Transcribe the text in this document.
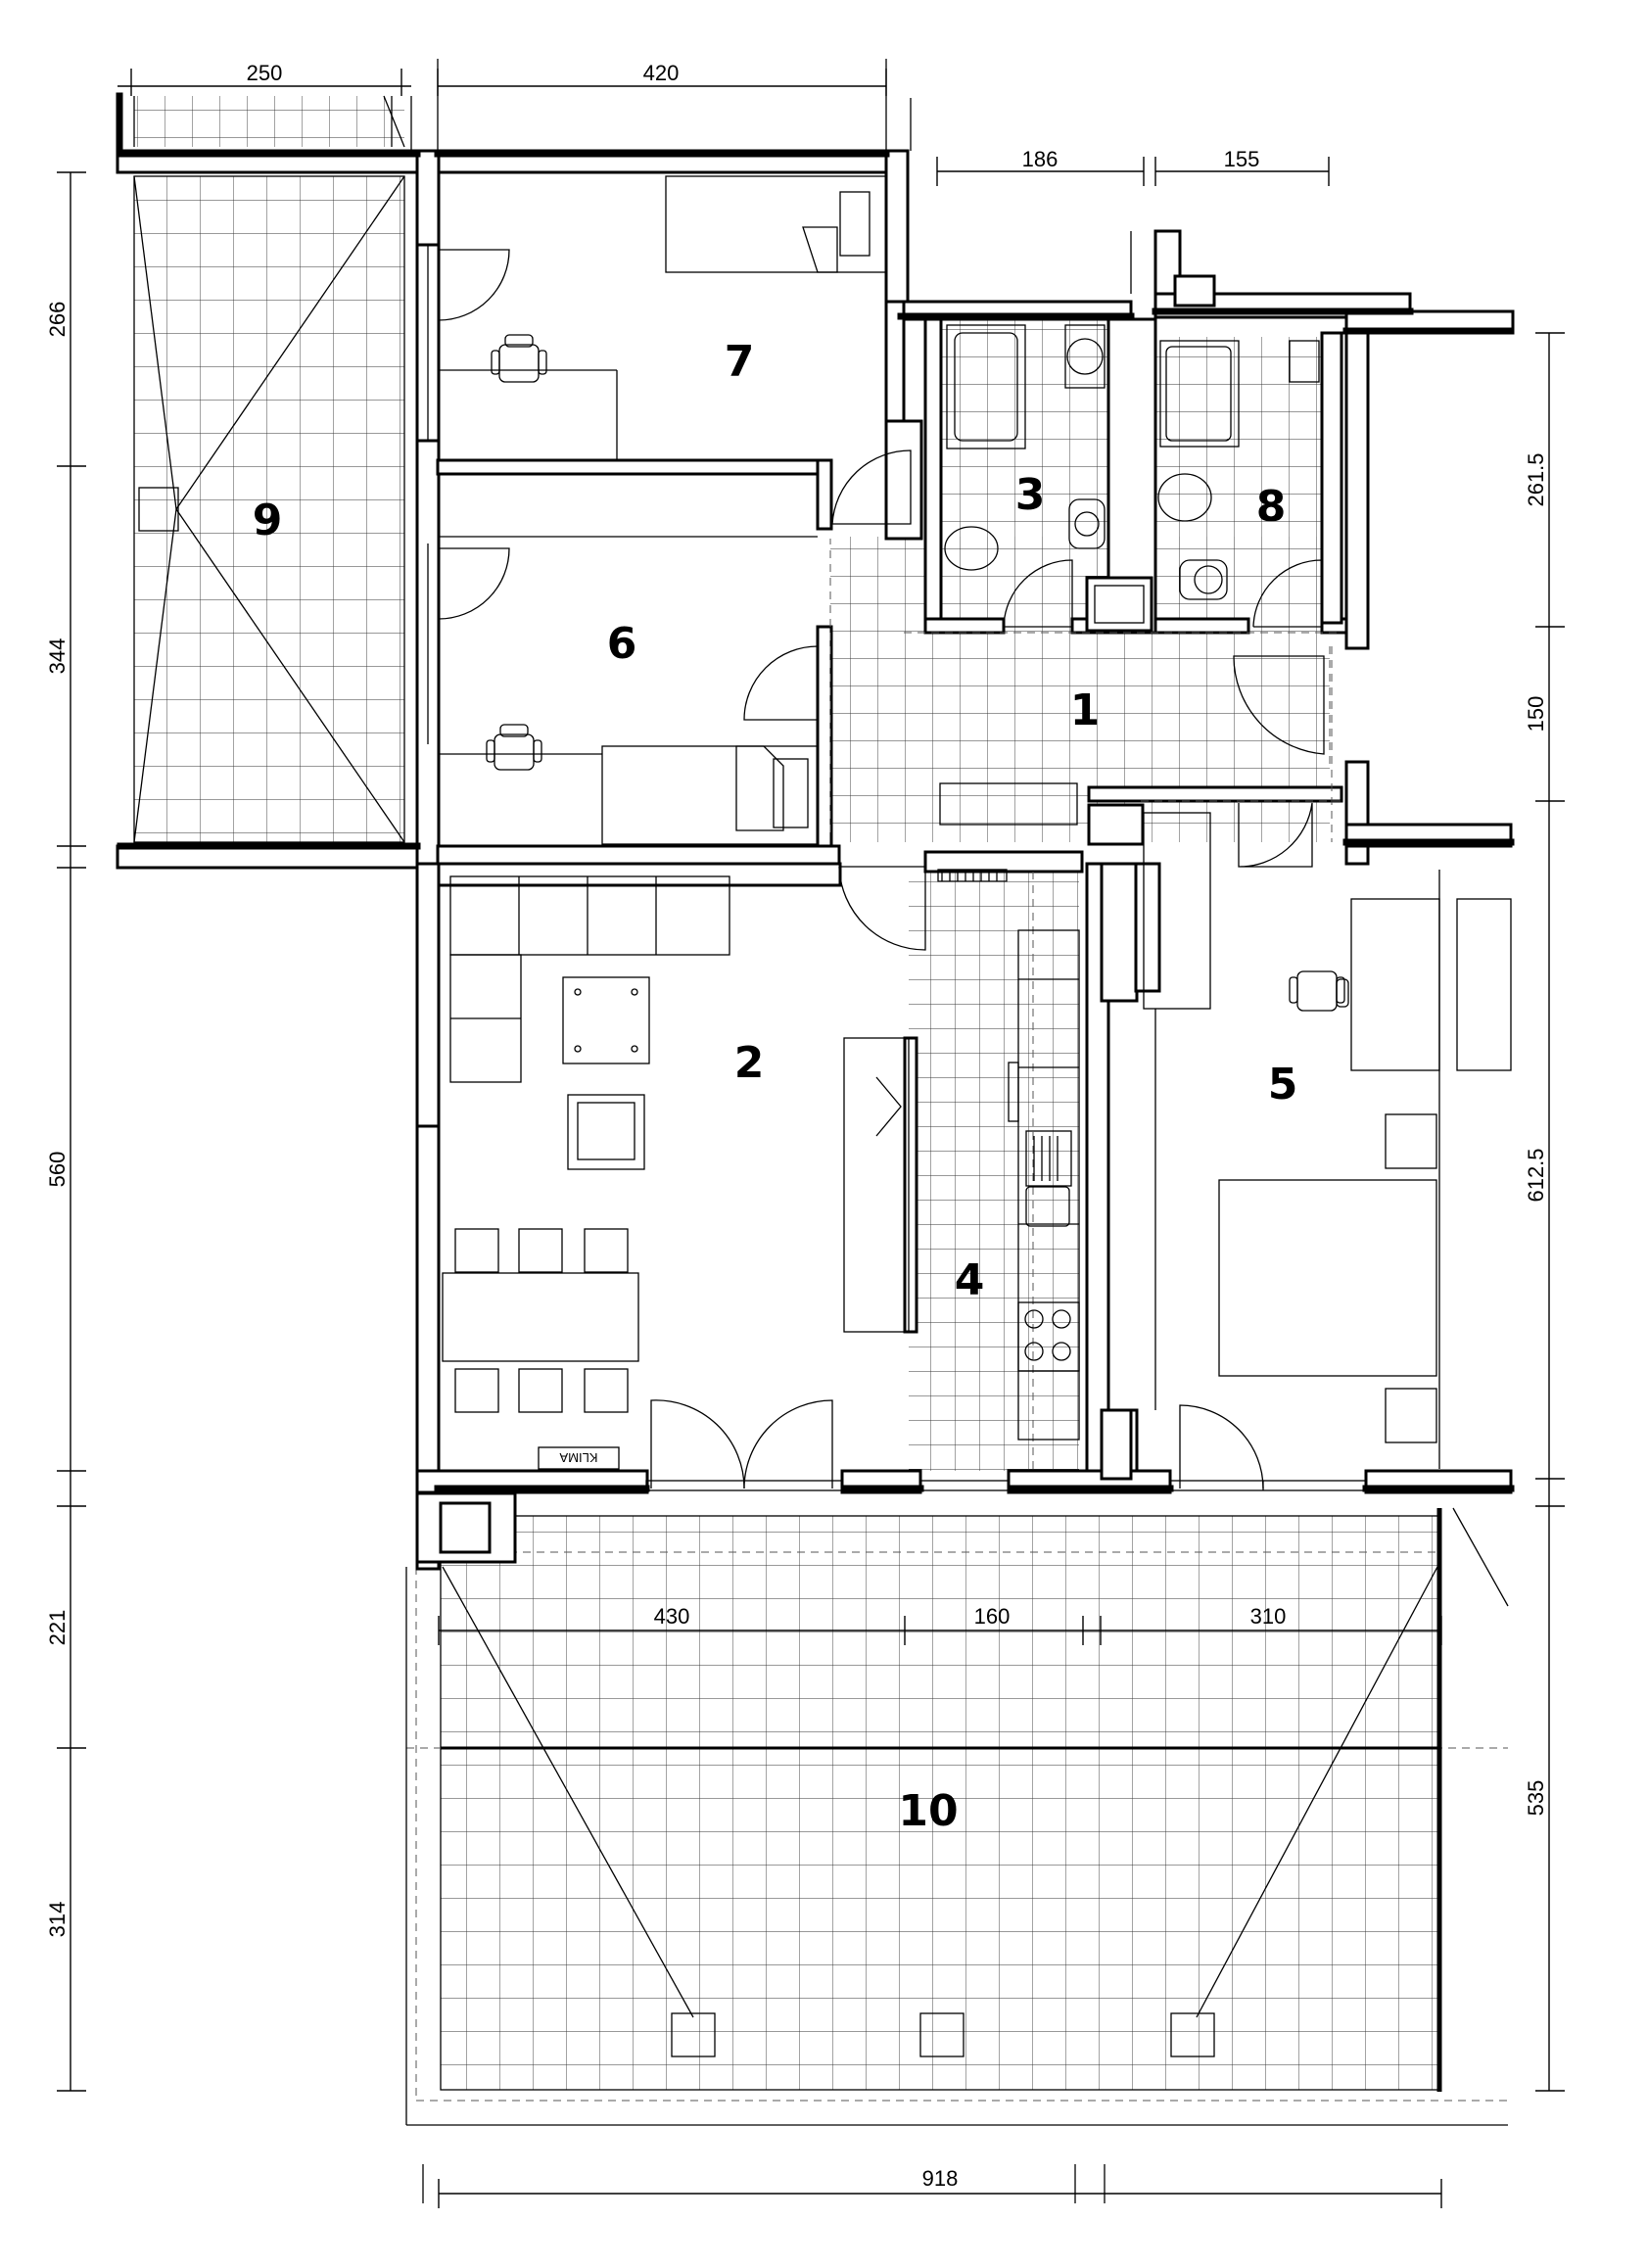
KLIMA
250	420
186	155
266
344
560
221
314
261.5
150
612.5
535
430	160	310
918
1
2
3
4
5
6
7
8
9
10
